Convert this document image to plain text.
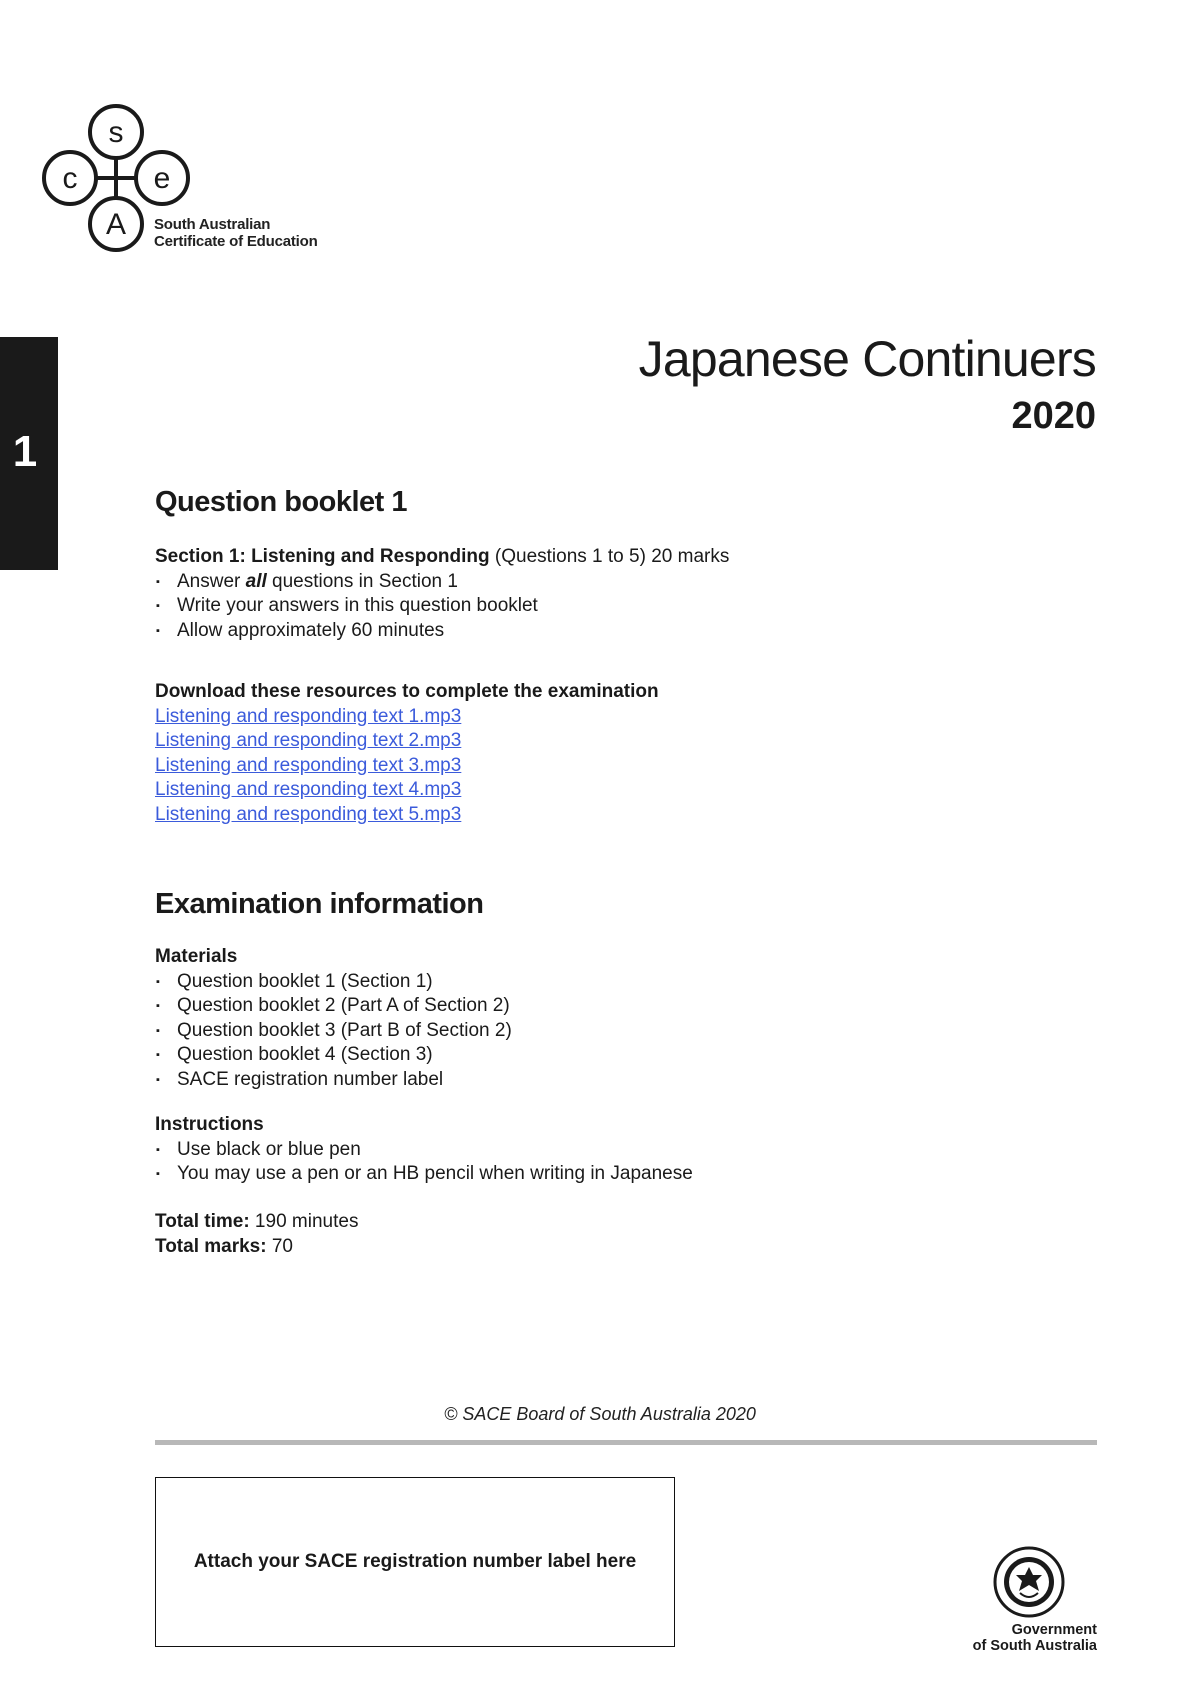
s
c	e
A South Australian
Certificate of Education
1
Japanese Continuers
2020
Question booklet 1
Section 1: Listening and Responding (Questions 1 to 5) 20 marks
▪ Answer all questions in Section 1
▪ Write your answers in this question booklet
▪ Allow approximately 60 minutes
Download these resources to complete the examination
Listening and responding text 1.mp3
Listening and responding text 2.mp3
Listening and responding text 3.mp3
Listening and responding text 4.mp3
Listening and responding text 5.mp3
Examination information
Materials
▪ Question booklet 1 (Section 1)
▪ Question booklet 2 (Part A of Section 2)
▪ Question booklet 3 (Part B of Section 2)
▪ Question booklet 4 (Section 3)
▪ SACE registration number label
Instructions
▪ Use black or blue pen
▪ You may use a pen or an HB pencil when writing in Japanese
Total time: 190 minutes
Total marks: 70
© SACE Board of South Australia 2020
Attach your SACE registration number label here
Government
of South Australia
